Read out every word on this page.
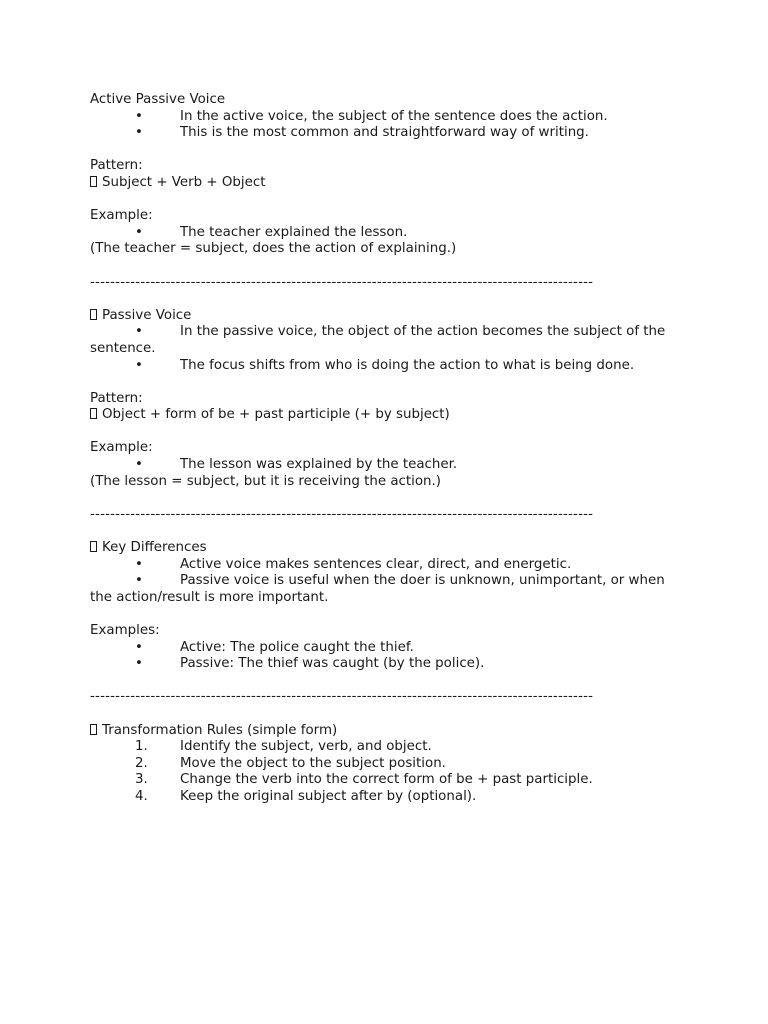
Active Passive Voice
•	In the active voice, the subject of the sentence does the action.
•	This is the most common and straightforward way of writing.
Pattern:
Subject + Verb + Object
Example:
•	The teacher explained the lesson.
(The teacher = subject, does the action of explaining.)
----------------------------------------------------------------------------------------------------
Passive Voice
•	In the passive voice, the object of the action becomes the subject of the sentence.
•	The focus shifts from who is doing the action to what is being done.
Pattern:
Object + form of be + past participle (+ by subject)
Example:
•	The lesson was explained by the teacher.
(The lesson = subject, but it is receiving the action.)
----------------------------------------------------------------------------------------------------
Key Differences
•	Active voice makes sentences clear, direct, and energetic.
•	Passive voice is useful when the doer is unknown, unimportant, or when the action/result is more important.
Examples:
•	Active: The police caught the thief.
•	Passive: The thief was caught (by the police).
----------------------------------------------------------------------------------------------------
Transformation Rules (simple form)
1.	Identify the subject, verb, and object.
2.	Move the object to the subject position.
3.	Change the verb into the correct form of be + past participle.
4.	Keep the original subject after by (optional).
